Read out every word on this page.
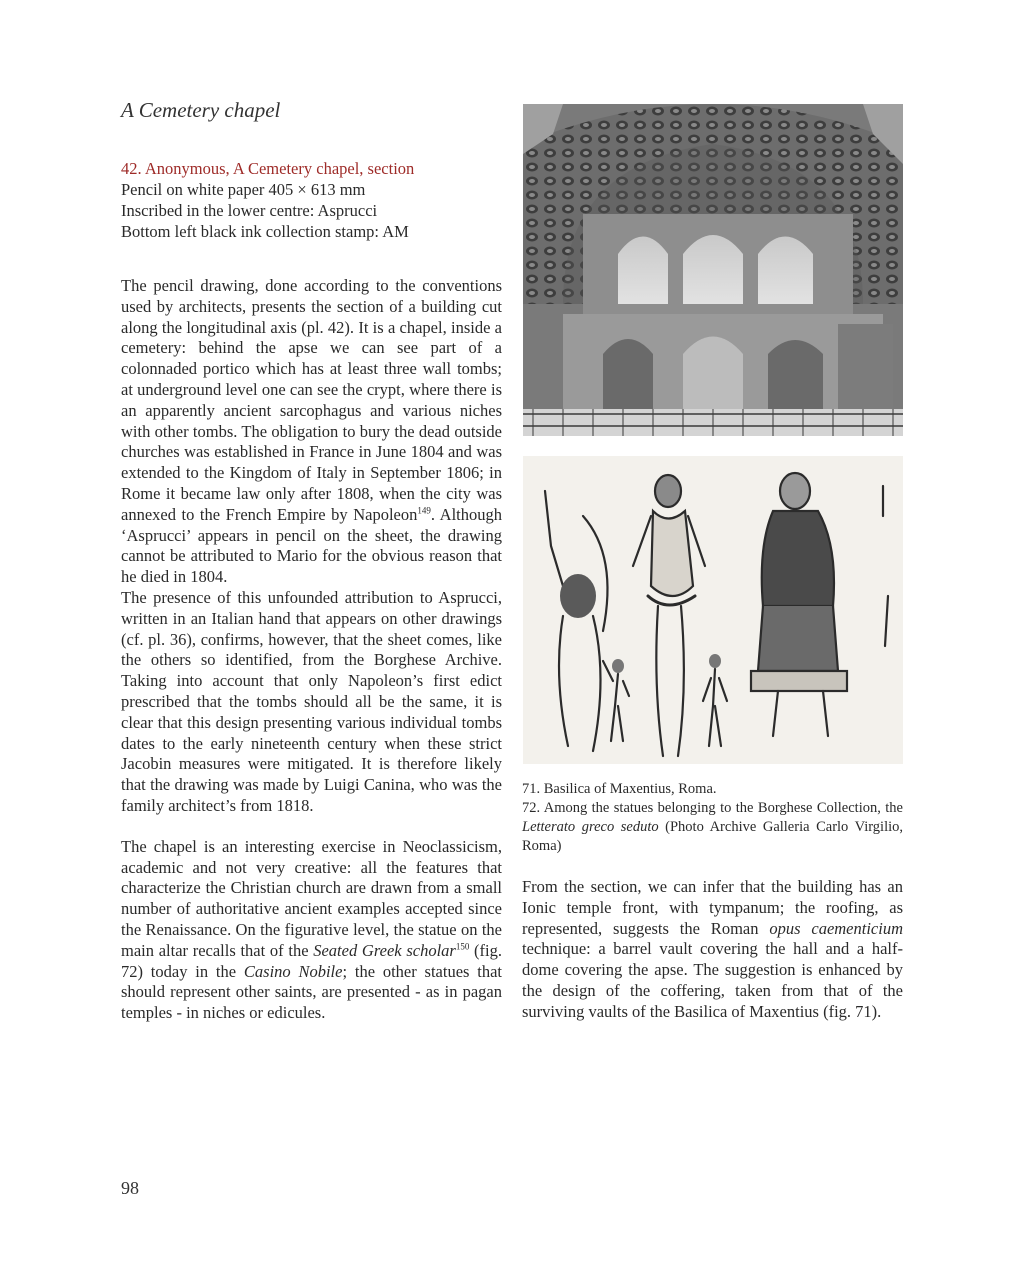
A Cemetery chapel
42. Anonymous, A Cemetery chapel, section
Pencil on white paper 405 × 613 mm
Inscribed in the lower centre: Asprucci
Bottom left black ink collection stamp: AM

The pencil drawing, done according to the conventions used by architects, presents the section of a building cut along the longitudinal axis (pl. 42). It is a chapel, inside a cemetery: behind the apse we can see part of a colonnaded portico which has at least three wall tombs; at underground level one can see the crypt, where there is an apparently ancient sarcophagus and various niches with other tombs. The obligation to bury the dead outside churches was established in France in June 1804 and was extended to the Kingdom of Italy in September 1806; in Rome it became law only after 1808, when the city was annexed to the French Empire by Napoleon$^{149}$. Although ‘Asprucci’ appears in pencil on the sheet, the drawing cannot be attributed to Mario for the obvious reason that he died in 1804.

The presence of this unfounded attribution to Asprucci, written in an Italian hand that appears on other drawings (cf. pl. 36), confirms, however, that the sheet comes, like the others so identified, from the Borghese Archive. Taking into account that only Napoleon’s first edict prescribed that the tombs should all be the same, it is clear that this design presenting various individual tombs dates to the early nineteenth century when these strict Jacobin measures were mitigated. It is therefore likely that the drawing was made by Luigi Canina, who was the family architect’s from 1818.

The chapel is an interesting exercise in Neoclassicism, academic and not very creative: all the features that characterize the Christian church are drawn from a small number of authoritative ancient examples accepted since the Renaissance. On the figurative level, the statue on the main altar recalls that of the Seated Greek scholar$^{150}$ (fig. 72) today in the Casino Nobile; the other statues that should represent other saints, are presented - as in pagan temples - in niches or edicules.

71. Basilica of Maxentius, Roma.

72. Among the statues belonging to the Borghese Collection, the Letterato greco seduto (Photo Archive Galleria Carlo Virgilio, Roma)

From the section, we can infer that the building has an Ionic temple front, with tympanum; the roofing, as represented, suggests the Roman opus caementicium technique: a barrel vault covering the hall and a half-dome covering the apse. The suggestion is enhanced by the design of the coffering, taken from that of the surviving vaults of the Basilica of Maxentius (fig. 71).

98
